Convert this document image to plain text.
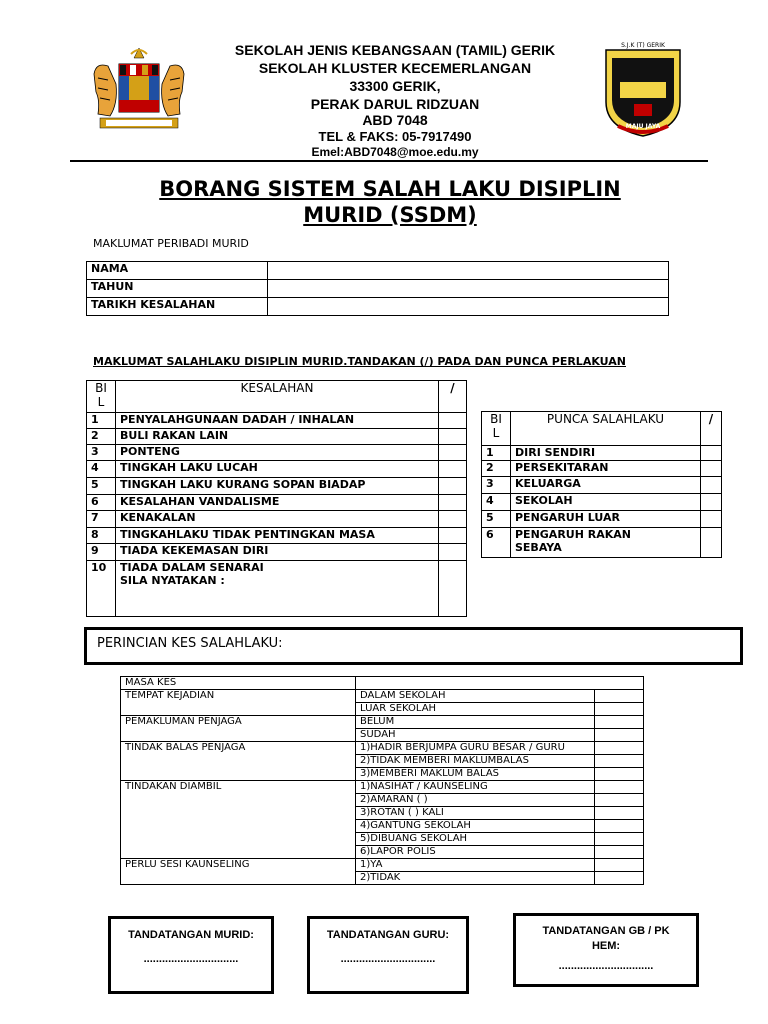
S.J.K (T) GERIK
MAJU JAYA
SEKOLAH JENIS KEBANGSAAN (TAMIL) GERIK
SEKOLAH KLUSTER KECEMERLANGAN
33300 GERIK,
PERAK DARUL RIDZUAN
ABD 7048
TEL & FAKS: 05-7917490
Emel:ABD7048@moe.edu.my
BORANG SISTEM SALAH LAKU DISIPLIN
MURID (SSDM)
MAKLUMAT PERIBADI MURID
NAMA	
TAHUN	
TARIKH KESALAHAN	
MAKLUMAT SALAHLAKU DISIPLIN MURID.TANDAKAN (/) PADA DAN PUNCA PERLAKUAN
BI L	KESALAHAN	/
1	PENYALAHGUNAAN DADAH / INHALAN	
2	BULI RAKAN LAIN	
3	PONTENG	
4	TINGKAH LAKU LUCAH	
5	TINGKAH LAKU KURANG SOPAN BIADAP	
6	KESALAHAN VANDALISME	
7	KENAKALAN	
8	TINGKAHLAKU TIDAK PENTINGKAN MASA	
9	TIADA KEKEMASAN DIRI	
10	TIADA DALAM SENARAI
SILA NYATAKAN :	

BI L	PUNCA SALAHLAKU	/
1	DIRI SENDIRI	
2	PERSEKITARAN	
3	KELUARGA	
4	SEKOLAH	
5	PENGARUH LUAR	
6	PENGARUH RAKAN
SEBAYA	

PERINCIAN KES SALAHLAKU:
MASA KES		
TEMPAT KEJADIAN	DALAM SEKOLAH	
	LUAR SEKOLAH	
PEMAKLUMAN PENJAGA	BELUM	
	SUDAH	
TINDAK BALAS PENJAGA	1)HADIR BERJUMPA GURU BESAR / GURU	
	2)TIDAK MEMBERI MAKLUMBALAS	
	3)MEMBERI MAKLUM BALAS	
TINDAKAN DIAMBIL	1)NASIHAT / KAUNSELING	
	2)AMARAN ( )	
	3)ROTAN ( ) KALI	
	4)GANTUNG SEKOLAH	
	5)DIBUANG SEKOLAH	
	6)LAPOR POLIS	
PERLU SESI KAUNSELING	1)YA	
	2)TIDAK	
TANDATANGAN MURID:
...............................
TANDATANGAN GURU:
...............................
TANDATANGAN GB / PK HEM:
...............................
